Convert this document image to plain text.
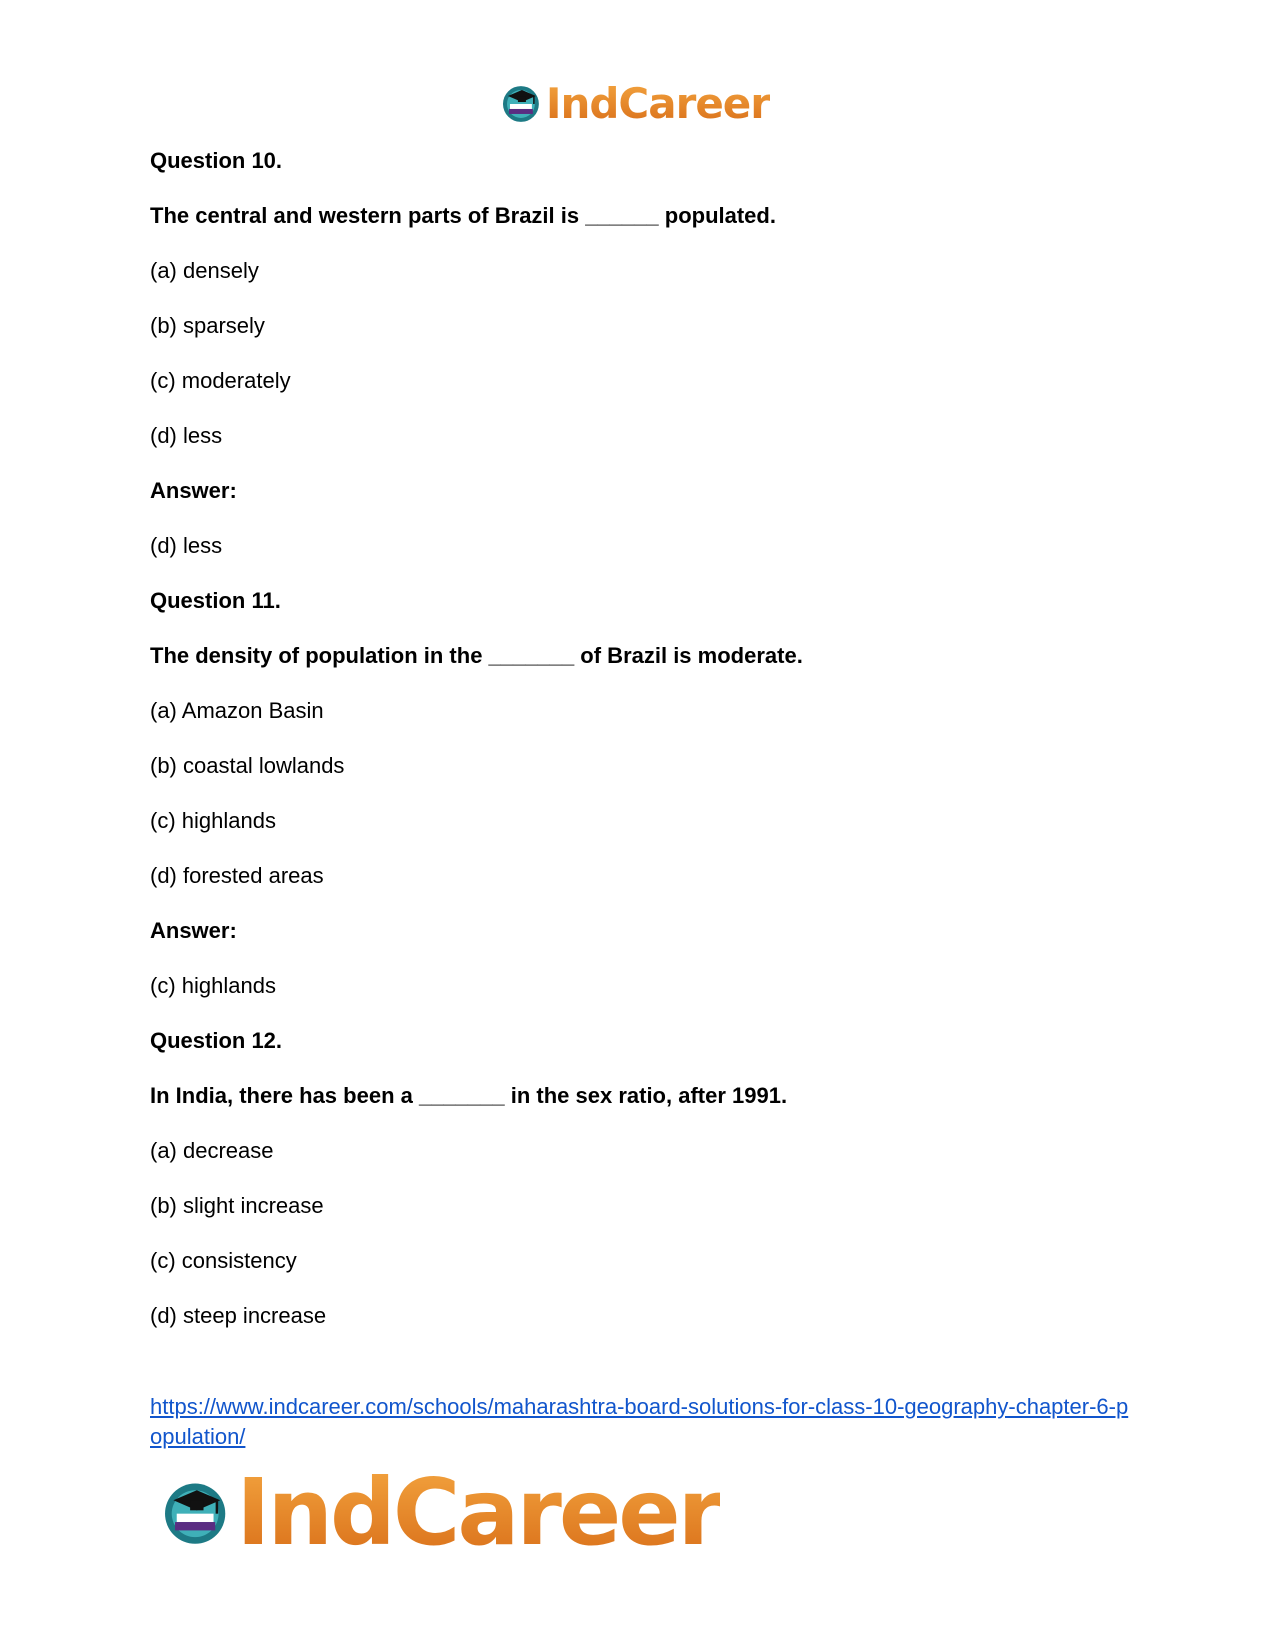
IndCareer
Question 10.
The central and western parts of Brazil is ______ populated.
(a) densely
(b) sparsely
(c) moderately
(d) less
Answer:
(d) less
Question 11.
The density of population in the _______ of Brazil is moderate.
(a) Amazon Basin
(b) coastal lowlands
(c) highlands
(d) forested areas
Answer:
(c) highlands
Question 12.
In India, there has been a _______ in the sex ratio, after 1991.
(a) decrease
(b) slight increase
(c) consistency
(d) steep increase
https://www.indcareer.com/schools/maharashtra-board-solutions-for-class-10-geography-chapter-6-population/
IndCareer
